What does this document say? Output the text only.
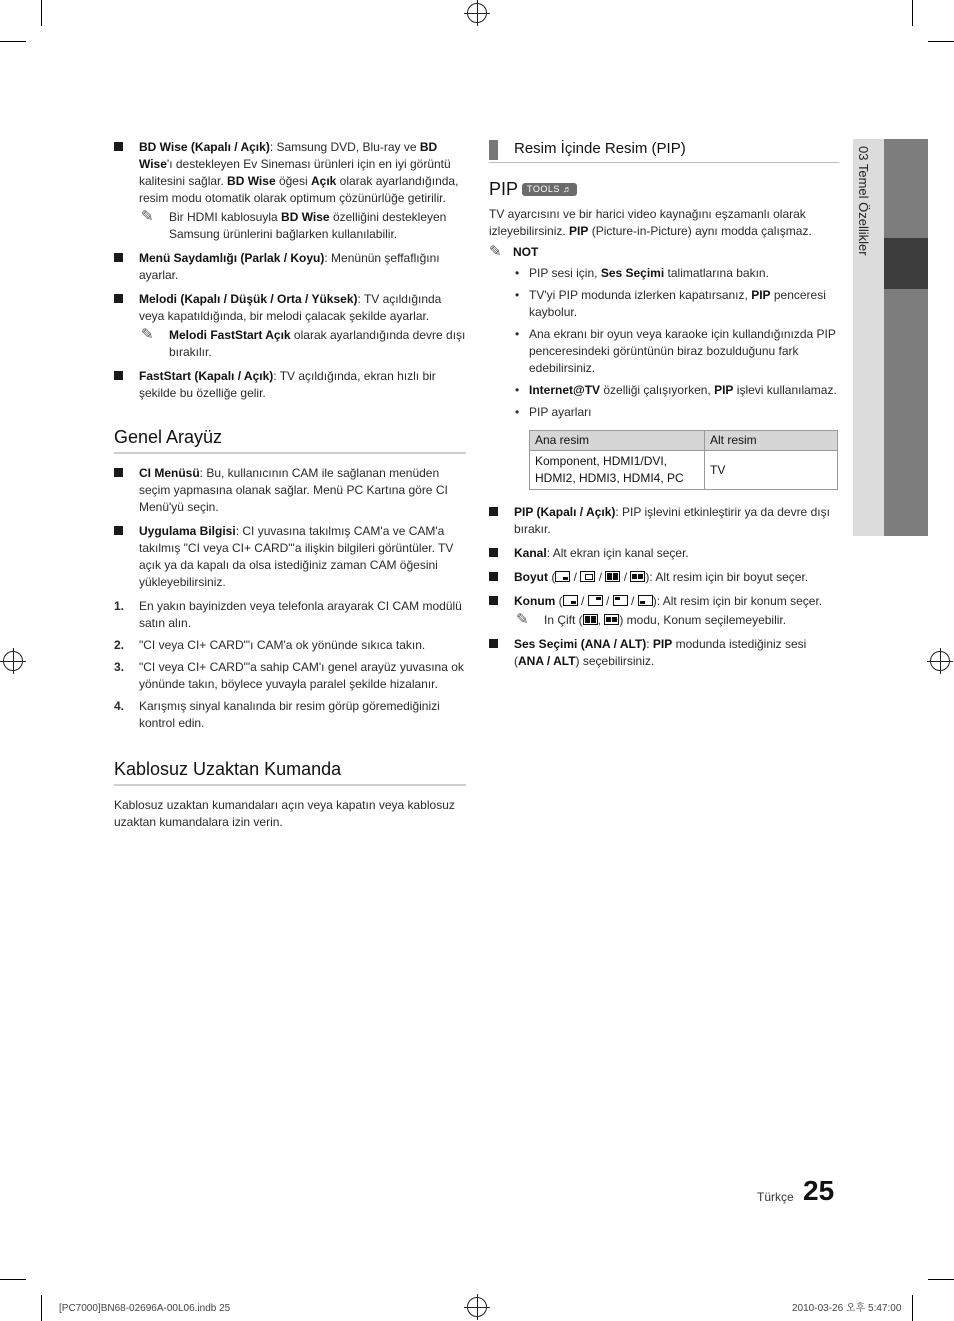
03 Temel Özellikler
BD Wise (Kapalı / Açık): Samsung DVD, Blu-ray ve BD Wise'ı destekleyen Ev Sineması ürünleri için en iyi görüntü kalitesini sağlar. BD Wise öğesi Açık olarak ayarlandığında, resim modu otomatik olarak optimum çözünürlüğe getirilir.
✎ Bir HDMI kablosuyla BD Wise özelliğini destekleyen Samsung ürünlerini bağlarken kullanılabilir.
Menü Saydamlığı (Parlak / Koyu): Menünün şeffaflığını ayarlar.
Melodi (Kapalı / Düşük / Orta / Yüksek): TV açıldığında veya kapatıldığında, bir melodi çalacak şekilde ayarlar.
✎ Melodi FastStart Açık olarak ayarlandığında devre dışı bırakılır.
FastStart (Kapalı / Açık): TV açıldığında, ekran hızlı bir şekilde bu özelliğe gelir.
Genel Arayüz
CI Menüsü: Bu, kullanıcının CAM ile sağlanan menüden seçim yapmasına olanak sağlar. Menü PC Kartına göre CI Menü'yü seçin.
Uygulama Bilgisi: CI yuvasına takılmış CAM'a ve CAM'a takılmış "CI veya CI+ CARD"'a ilişkin bilgileri görüntüler. TV açık ya da kapalı da olsa istediğiniz zaman CAM öğesini yükleyebilirsiniz.
1. En yakın bayinizden veya telefonla arayarak CI CAM modülü satın alın.
2. "CI veya CI+ CARD"'ı CAM'a ok yönünde sıkıca takın.
3. "CI veya CI+ CARD"'a sahip CAM'ı genel arayüz yuvasına ok yönünde takın, böylece yuvayla paralel şekilde hizalanır.
4. Karışmış sinyal kanalında bir resim görüp göremediğinizi kontrol edin.
Kablosuz Uzaktan Kumanda
Kablosuz uzaktan kumandaları açın veya kapatın veya kablosuz uzaktan kumandalara izin verin.
Resim İçinde Resim (PIP)
PIP TOOLS ♬
TV ayarcısını ve bir harici video kaynağını eşzamanlı olarak izleyebilirsiniz. PIP (Picture-in-Picture) aynı modda çalışmaz.
✎ NOT
• PIP sesi için, Ses Seçimi talimatlarına bakın.
• TV'yi PIP modunda izlerken kapatırsanız, PIP penceresi kaybolur.
• Ana ekranı bir oyun veya karaoke için kullandığınızda PIP penceresindeki görüntünün biraz bozulduğunu fark edebilirsiniz.
• Internet@TV özelliği çalışıyorken, PIP işlevi kullanılamaz.
• PIP ayarları
Ana resim	Alt resim

Komponent, HDMI1/DVI,
HDMI2, HDMI3, HDMI4, PC	TV
PIP (Kapalı / Açık): PIP işlevini etkinleştirir ya da devre dışı bırakır.
Kanal: Alt ekran için kanal seçer.
Boyut (
/
/
/
): Alt resim için bir boyut seçer.
Konum (
/
/
/
): Alt resim için bir konum seçer.
✎ In Çift ( ,
) modu, Konum seçilemeyebilir.
Ses Seçimi (ANA / ALT): PIP modunda istediğiniz sesi (ANA / ALT) seçebilirsiniz.
Türkçe 25
[PC7000]BN68-02696A-00L06.indb 25	2010-03-26 오후 5:47:00
